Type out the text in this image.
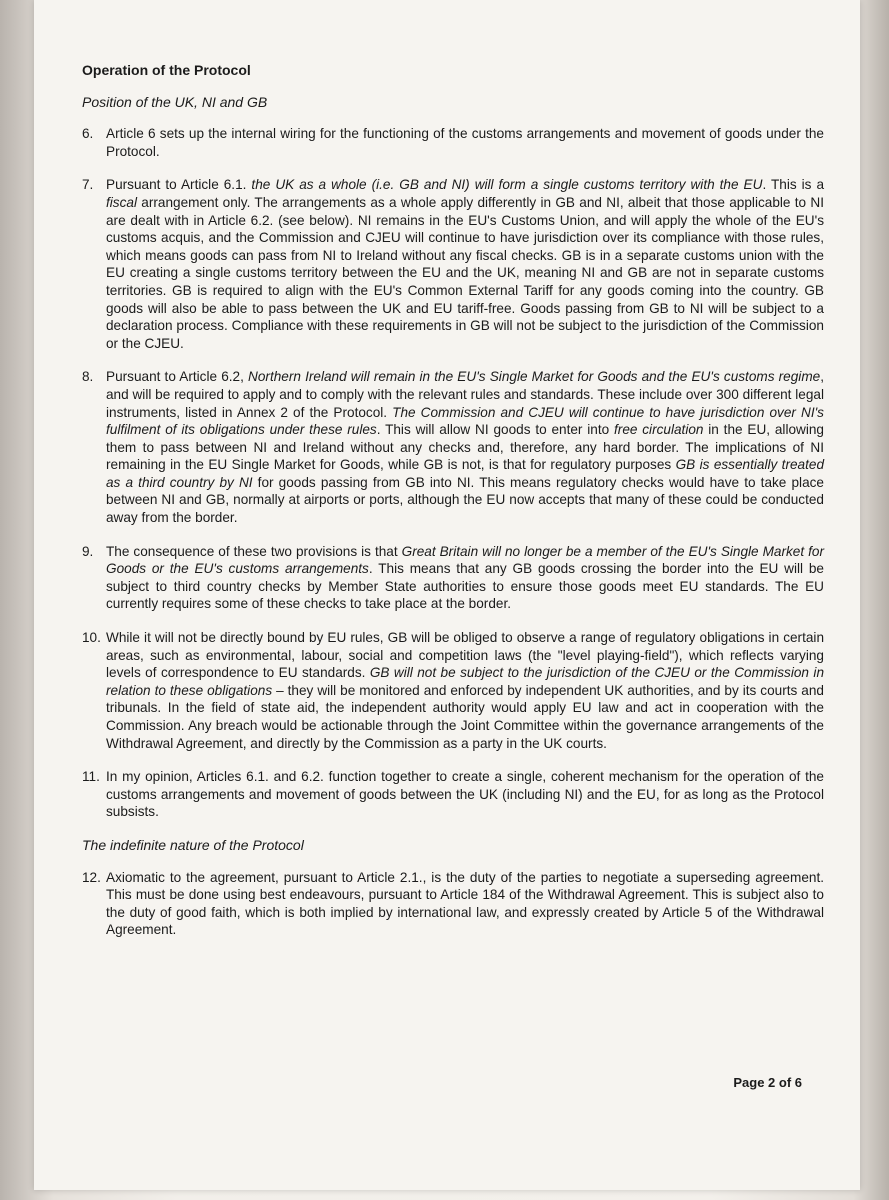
Operation of the Protocol
Position of the UK, NI and GB
6. Article 6 sets up the internal wiring for the functioning of the customs arrangements and movement of goods under the Protocol.
7. Pursuant to Article 6.1. the UK as a whole (i.e. GB and NI) will form a single customs territory with the EU. This is a fiscal arrangement only. The arrangements as a whole apply differently in GB and NI, albeit that those applicable to NI are dealt with in Article 6.2. (see below). NI remains in the EU's Customs Union, and will apply the whole of the EU's customs acquis, and the Commission and CJEU will continue to have jurisdiction over its compliance with those rules, which means goods can pass from NI to Ireland without any fiscal checks. GB is in a separate customs union with the EU creating a single customs territory between the EU and the UK, meaning NI and GB are not in separate customs territories. GB is required to align with the EU's Common External Tariff for any goods coming into the country. GB goods will also be able to pass between the UK and EU tariff-free. Goods passing from GB to NI will be subject to a declaration process. Compliance with these requirements in GB will not be subject to the jurisdiction of the Commission or the CJEU.
8. Pursuant to Article 6.2, Northern Ireland will remain in the EU's Single Market for Goods and the EU's customs regime, and will be required to apply and to comply with the relevant rules and standards. These include over 300 different legal instruments, listed in Annex 2 of the Protocol. The Commission and CJEU will continue to have jurisdiction over NI's fulfilment of its obligations under these rules. This will allow NI goods to enter into free circulation in the EU, allowing them to pass between NI and Ireland without any checks and, therefore, any hard border. The implications of NI remaining in the EU Single Market for Goods, while GB is not, is that for regulatory purposes GB is essentially treated as a third country by NI for goods passing from GB into NI. This means regulatory checks would have to take place between NI and GB, normally at airports or ports, although the EU now accepts that many of these could be conducted away from the border.
9. The consequence of these two provisions is that Great Britain will no longer be a member of the EU's Single Market for Goods or the EU's customs arrangements. This means that any GB goods crossing the border into the EU will be subject to third country checks by Member State authorities to ensure those goods meet EU standards. The EU currently requires some of these checks to take place at the border.
10. While it will not be directly bound by EU rules, GB will be obliged to observe a range of regulatory obligations in certain areas, such as environmental, labour, social and competition laws (the "level playing-field"), which reflects varying levels of correspondence to EU standards. GB will not be subject to the jurisdiction of the CJEU or the Commission in relation to these obligations – they will be monitored and enforced by independent UK authorities, and by its courts and tribunals. In the field of state aid, the independent authority would apply EU law and act in cooperation with the Commission. Any breach would be actionable through the Joint Committee within the governance arrangements of the Withdrawal Agreement, and directly by the Commission as a party in the UK courts.
11. In my opinion, Articles 6.1. and 6.2. function together to create a single, coherent mechanism for the operation of the customs arrangements and movement of goods between the UK (including NI) and the EU, for as long as the Protocol subsists.
The indefinite nature of the Protocol
12. Axiomatic to the agreement, pursuant to Article 2.1., is the duty of the parties to negotiate a superseding agreement. This must be done using best endeavours, pursuant to Article 184 of the Withdrawal Agreement. This is subject also to the duty of good faith, which is both implied by international law, and expressly created by Article 5 of the Withdrawal Agreement.
Page 2 of 6
